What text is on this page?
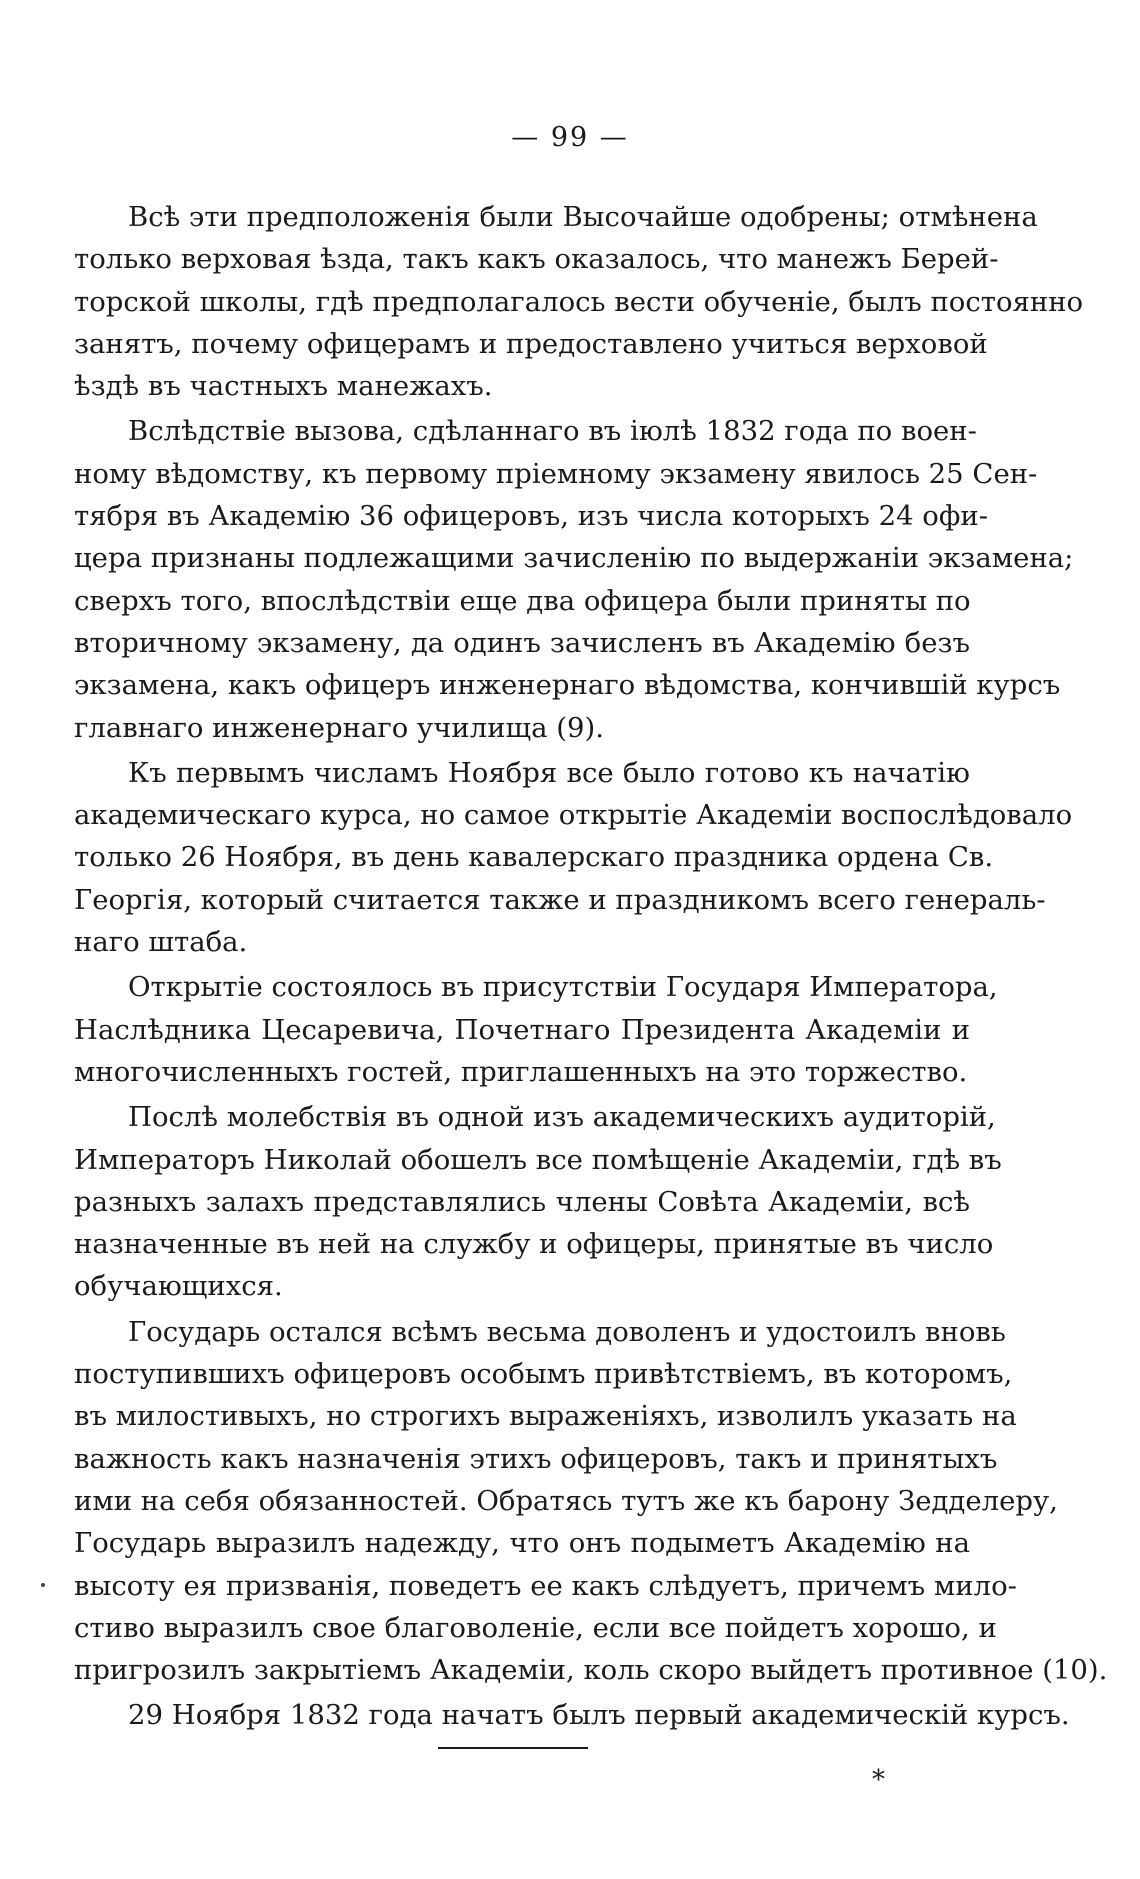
— 99 —
Всѣ эти предположенія были Высочайше одобрены; отмѣнена
только верховая ѣзда, такъ какъ оказалось, что манежъ Берей-
торской школы, гдѣ предполагалось вести обученіе, былъ постоянно
занятъ, почему офицерамъ и предоставлено учиться верховой
ѣздѣ въ частныхъ манежахъ.
Вслѣдствіе вызова, сдѣланнаго въ іюлѣ 1832 года по воен-
ному вѣдомству, къ первому пріемному экзамену явилось 25 Сен-
тября въ Академію 36 офицеровъ, изъ числа которыхъ 24 офи-
цера признаны подлежащими зачисленію по выдержаніи экзамена;
сверхъ того, впослѣдствіи еще два офицера были приняты по
вторичному экзамену, да одинъ зачисленъ въ Академію безъ
экзамена, какъ офицеръ инженернаго вѣдомства, кончившій курсъ
главнаго инженернаго училища (9).
Къ первымъ числамъ Ноября все было готово къ начатію
академическаго курса, но самое открытіе Академіи воспослѣдовало
только 26 Ноября, въ день кавалерскаго праздника ордена Св.
Георгія, который считается также и праздникомъ всего генераль-
наго штаба.
Открытіе состоялось въ присутствіи Государя Императора,
Наслѣдника Цесаревича, Почетнаго Президента Академіи и
многочисленныхъ гостей, приглашенныхъ на это торжество.
Послѣ молебствія въ одной изъ академическихъ аудиторій,
Императоръ Николай обошелъ все помѣщеніе Академіи, гдѣ въ
разныхъ залахъ представлялись члены Совѣта Академіи, всѣ
назначенные въ ней на службу и офицеры, принятые въ число
обучающихся.
Государь остался всѣмъ весьма доволенъ и удостоилъ вновь
поступившихъ офицеровъ особымъ привѣтствіемъ, въ которомъ,
въ милостивыхъ, но строгихъ выраженіяхъ, изволилъ указать на
важность какъ назначенія этихъ офицеровъ, такъ и принятыхъ
ими на себя обязанностей. Обратясь тутъ же къ барону Зедделеру,
Государь выразилъ надежду, что онъ подыметъ Академію на
высоту ея призванія, поведетъ ее какъ слѣдуетъ, причемъ мило-
стиво выразилъ свое благоволеніе, если все пойдетъ хорошо, и
пригрозилъ закрытіемъ Академіи, коль скоро выйдетъ противное (10).
29 Ноября 1832 года начатъ былъ первый академическій курсъ.
*
